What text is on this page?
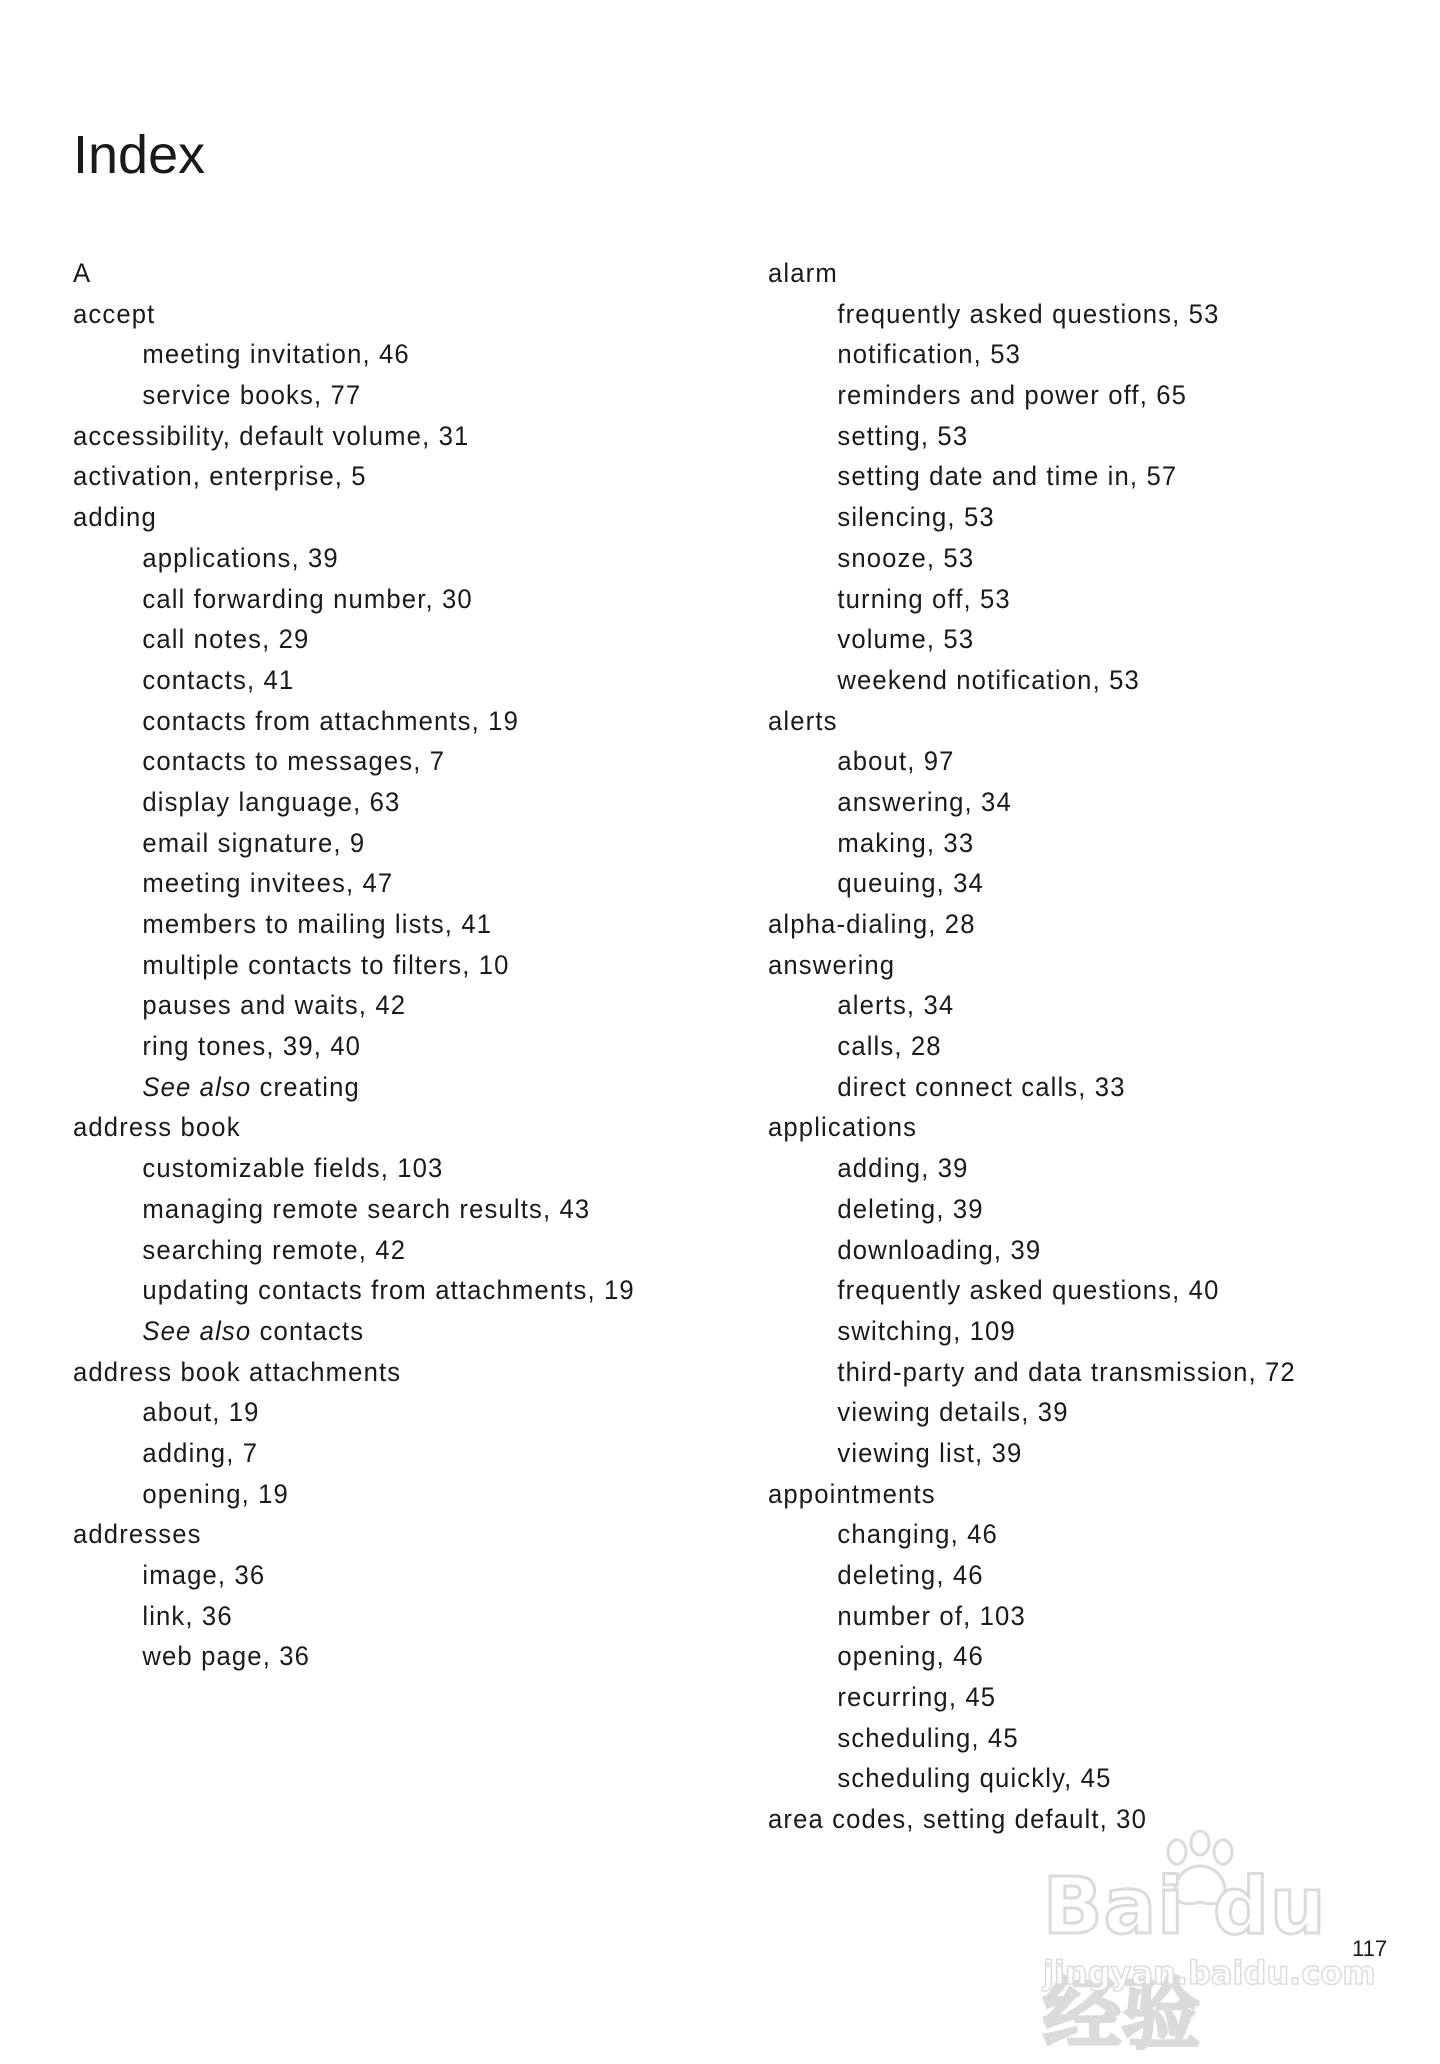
Index
A
accept
meeting invitation, 46
service books, 77
accessibility, default volume, 31
activation, enterprise, 5
adding
applications, 39
call forwarding number, 30
call notes, 29
contacts, 41
contacts from attachments, 19
contacts to messages, 7
display language, 63
email signature, 9
meeting invitees, 47
members to mailing lists, 41
multiple contacts to filters, 10
pauses and waits, 42
ring tones, 39, 40
See also creating
address book
customizable fields, 103
managing remote search results, 43
searching remote, 42
updating contacts from attachments, 19
See also contacts
address book attachments
about, 19
adding, 7
opening, 19
addresses
image, 36
link, 36
web page, 36
alarm
frequently asked questions, 53
notification, 53
reminders and power off, 65
setting, 53
setting date and time in, 57
silencing, 53
snooze, 53
turning off, 53
volume, 53
weekend notification, 53
alerts
about, 97
answering, 34
making, 33
queuing, 34
alpha-dialing, 28
answering
alerts, 34
calls, 28
direct connect calls, 33
applications
adding, 39
deleting, 39
downloading, 39
frequently asked questions, 40
switching, 109
third-party and data transmission, 72
viewing details, 39
viewing list, 39
appointments
changing, 46
deleting, 46
number of, 103
opening, 46
recurring, 45
scheduling, 45
scheduling quickly, 45
area codes, setting default, 30
117
Bai du 经验
jingyan.baidu.com
